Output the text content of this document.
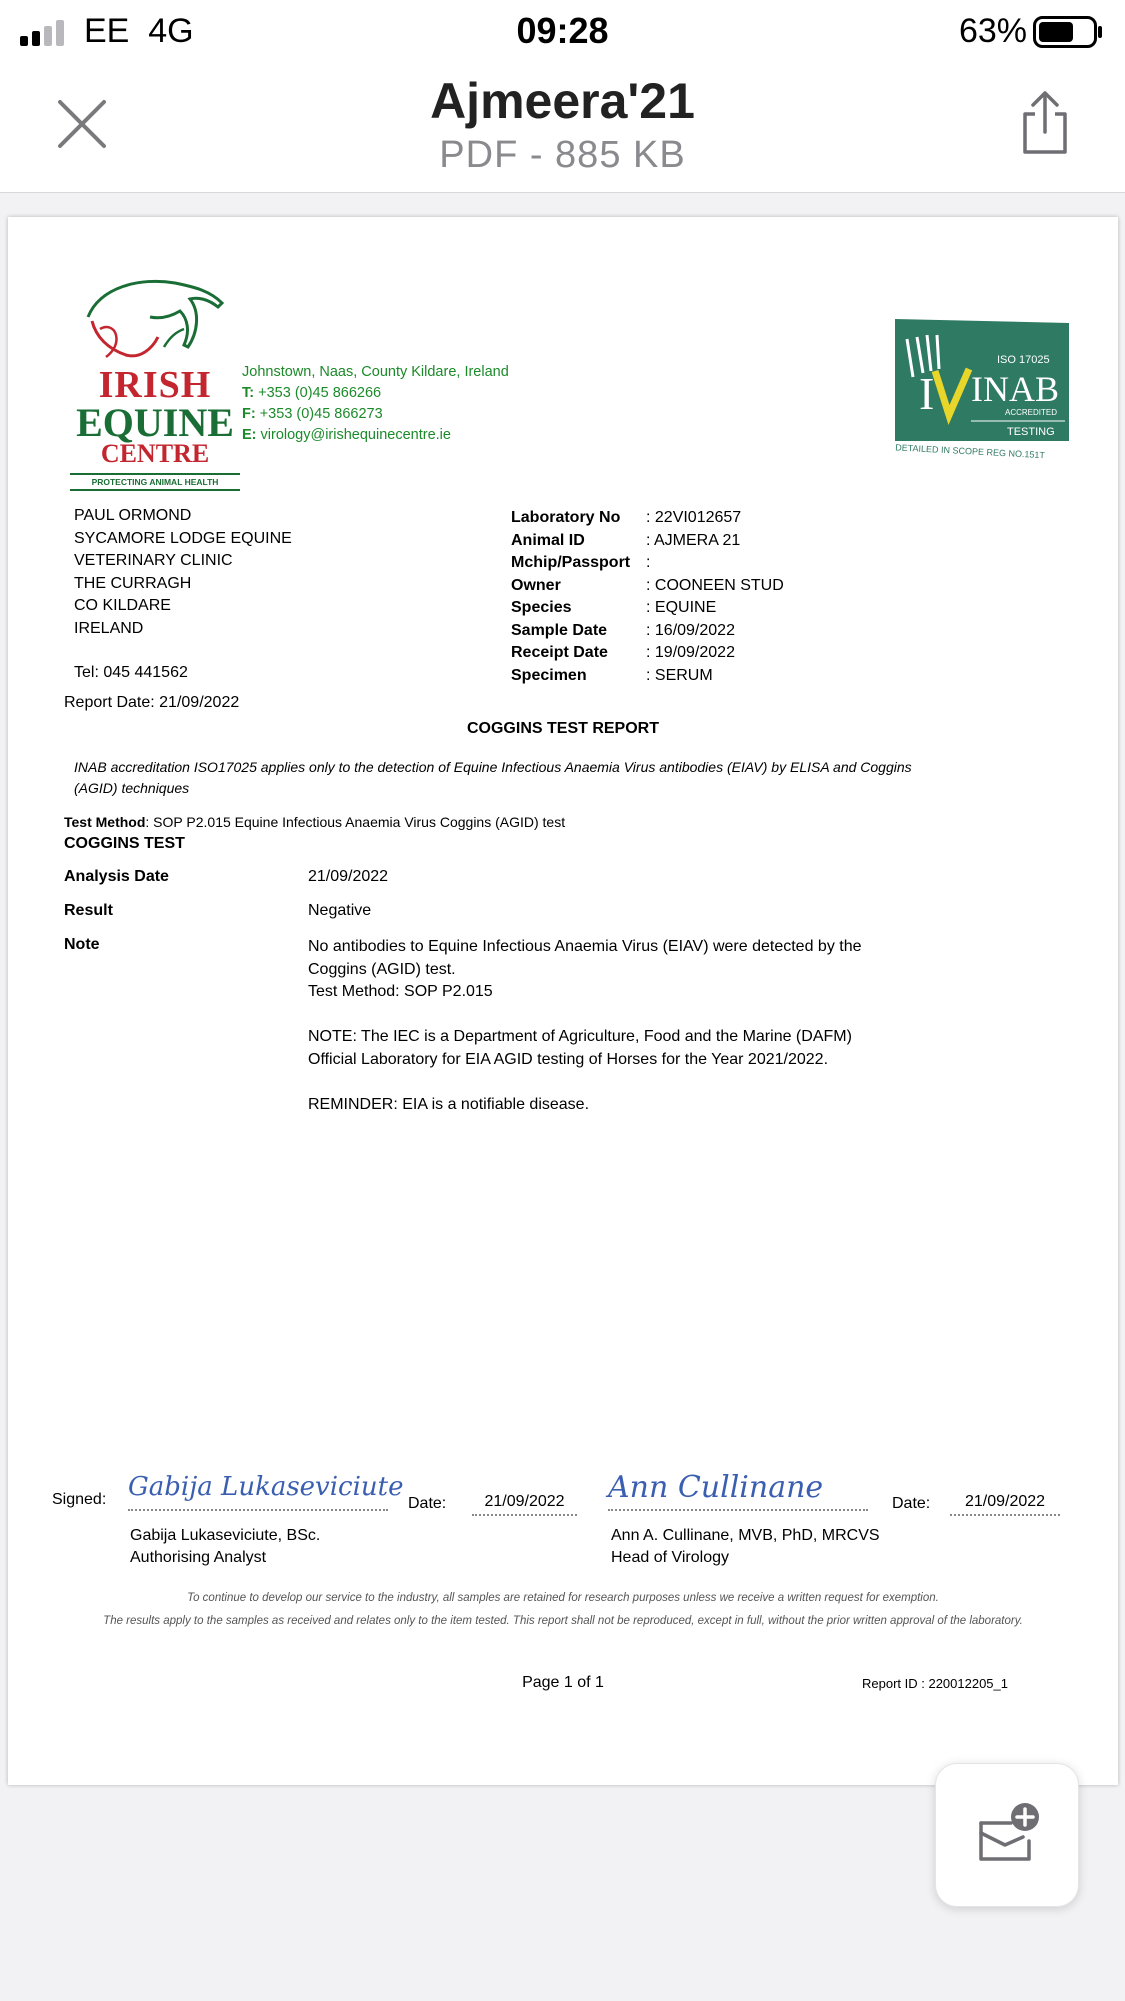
EE  4G	09:28	63%
Ajmeera'21
PDF - 885 KB
IRISH
EQUINE
CENTRE
PROTECTING ANIMAL HEALTH
Johnstown, Naas, County Kildare, Ireland
T: +353 (0)45 866266
F: +353 (0)45 866273
E: virology@irishequinecentre.ie
I
ISO 17025
INAB
ACCREDITED
TESTING
DETAILED IN SCOPE REG NO.151T
PAUL ORMOND
SYCAMORE LODGE EQUINE
VETERINARY CLINIC
THE CURRAGH
CO KILDARE
IRELAND
Tel: 045 441562
Report Date: 21/09/2022
Laboratory No : 22VI012657
Animal ID	: AJMERA 21
Mchip/Passport :
Owner	: COONEEN STUD
Species	: EQUINE
Sample Date : 16/09/2022
Receipt Date : 19/09/2022
Specimen	: SERUM
COGGINS TEST REPORT
INAB accreditation ISO17025 applies only to the detection of Equine Infectious Anaemia Virus antibodies (EIAV) by ELISA and Coggins (AGID) techniques
Test Method: SOP P2.015 Equine Infectious Anaemia Virus Coggins (AGID) test
COGGINS TEST
Analysis Date	21/09/2022
Result	Negative
Note	No antibodies to Equine Infectious Anaemia Virus (EIAV) were detected by the Coggins (AGID) test.
Test Method: SOP P2.015

NOTE: The IEC is a Department of Agriculture, Food and the Marine (DAFM) Official Laboratory for EIA AGID testing of Horses for the Year 2021/2022.

REMINDER: EIA is a notifiable disease.

Signed: Gabija Lukaseviciute
Date:	21/09/2022	Ann Cullinane	Date:	21/09/2022
Gabija Lukaseviciute, BSc.
Authorising Analyst
Ann A. Cullinane, MVB, PhD, MRCVS
Head of Virology
To continue to develop our service to the industry, all samples are retained for research purposes unless we receive a written request for exemption.
The results apply to the samples as received and relates only to the item tested. This report shall not be reproduced, except in full, without the prior written approval of the laboratory.
Page 1 of 1	Report ID : 220012205_1
